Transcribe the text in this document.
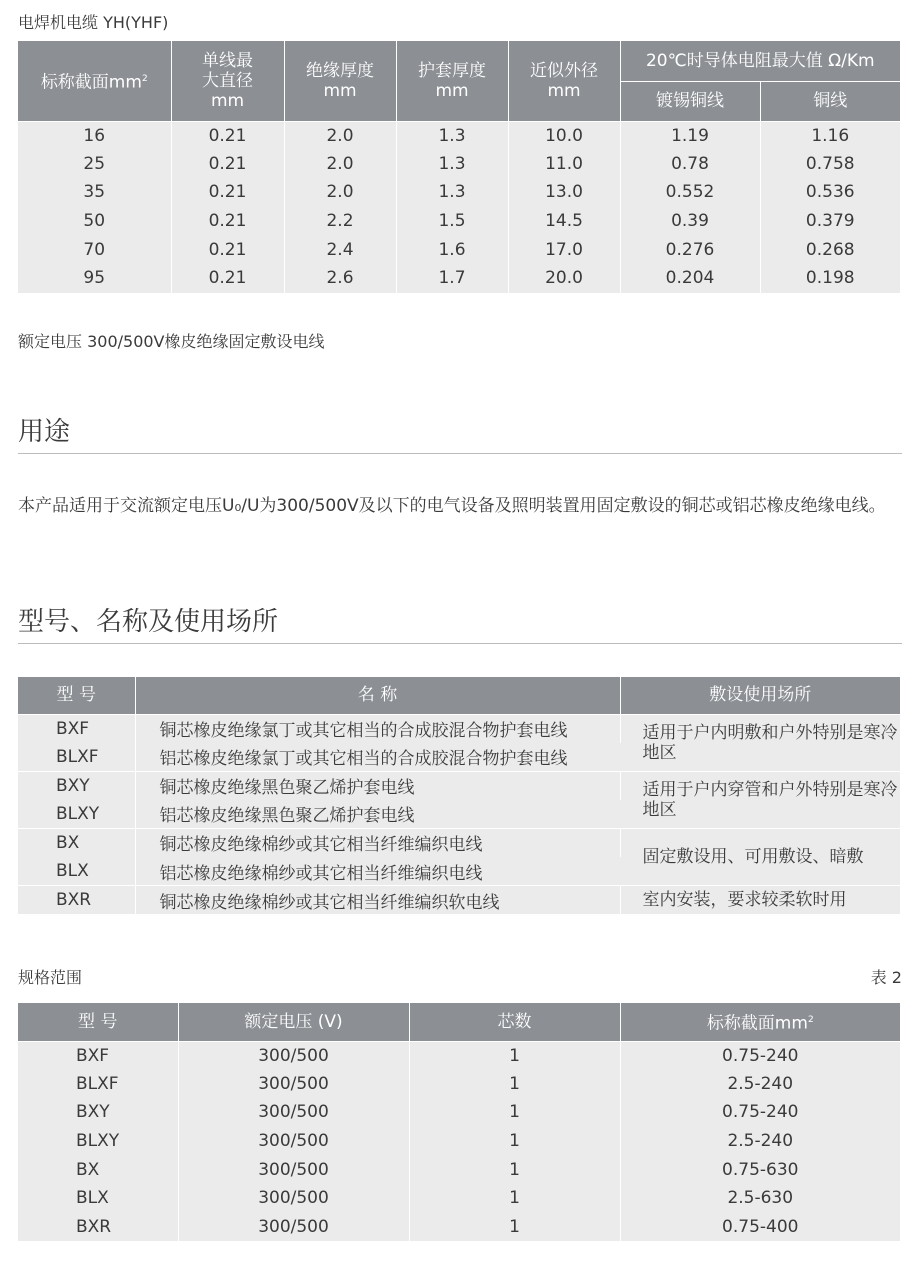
电焊机电缆 YH(YHF)
标称截面$mm^2$	单线最大直径mm	绝缘厚度mm	护套厚度mm	近似外径mm	20℃时导体电阻最大值 Ω/Km	
					镀锡铜线	铜线
16	0.21	2.0	1.3	10.0	1.19	1.16
25	0.21	2.0	1.3	11.0	0.78	0.758
35	0.21	2.0	1.3	13.0	0.552	0.536
50	0.21	2.2	1.5	14.5	0.39	0.379
70	0.21	2.4	1.6	17.0	0.276	0.268
95	0.21	2.6	1.7	20.0	0.204	0.198
额定电压 300/500V橡皮绝缘固定敷设电线
用途
本产品适用于交流额定电压U₀/U为300/500V及以下的电气设备及照明装置用固定敷设的铜芯或铝芯橡皮绝缘电线。
型号、名称及使用场所
型 号	名 称	敷设使用场所
BXF	铜芯橡皮绝缘氯丁或其它相当的合成胶混合物护套电线	适用于户内明敷和户外特别是寒冷地区
BLXF	铝芯橡皮绝缘氯丁或其它相当的合成胶混合物护套电线	
BXY	铜芯橡皮绝缘黑色聚乙烯护套电线	适用于户内穿管和户外特别是寒冷地区
BLXY	铝芯橡皮绝缘黑色聚乙烯护套电线	
BX	铜芯橡皮绝缘棉纱或其它相当纤维编织电线	固定敷设用、可用敷设、暗敷
BLX	铝芯橡皮绝缘棉纱或其它相当纤维编织电线	
BXR	铜芯橡皮绝缘棉纱或其它相当纤维编织软电线	室内安装，要求较柔软时用
规格范围	表 2
型 号	额定电压 (V)	芯数	标称截面$mm^2$
BXF	300/500	1	0.75-240
BLXF	300/500	1	2.5-240
BXY	300/500	1	0.75-240
BLXY	300/500	1	2.5-240
BX	300/500	1	0.75-630
BLX	300/500	1	2.5-630
BXR	300/500	1	0.75-400
